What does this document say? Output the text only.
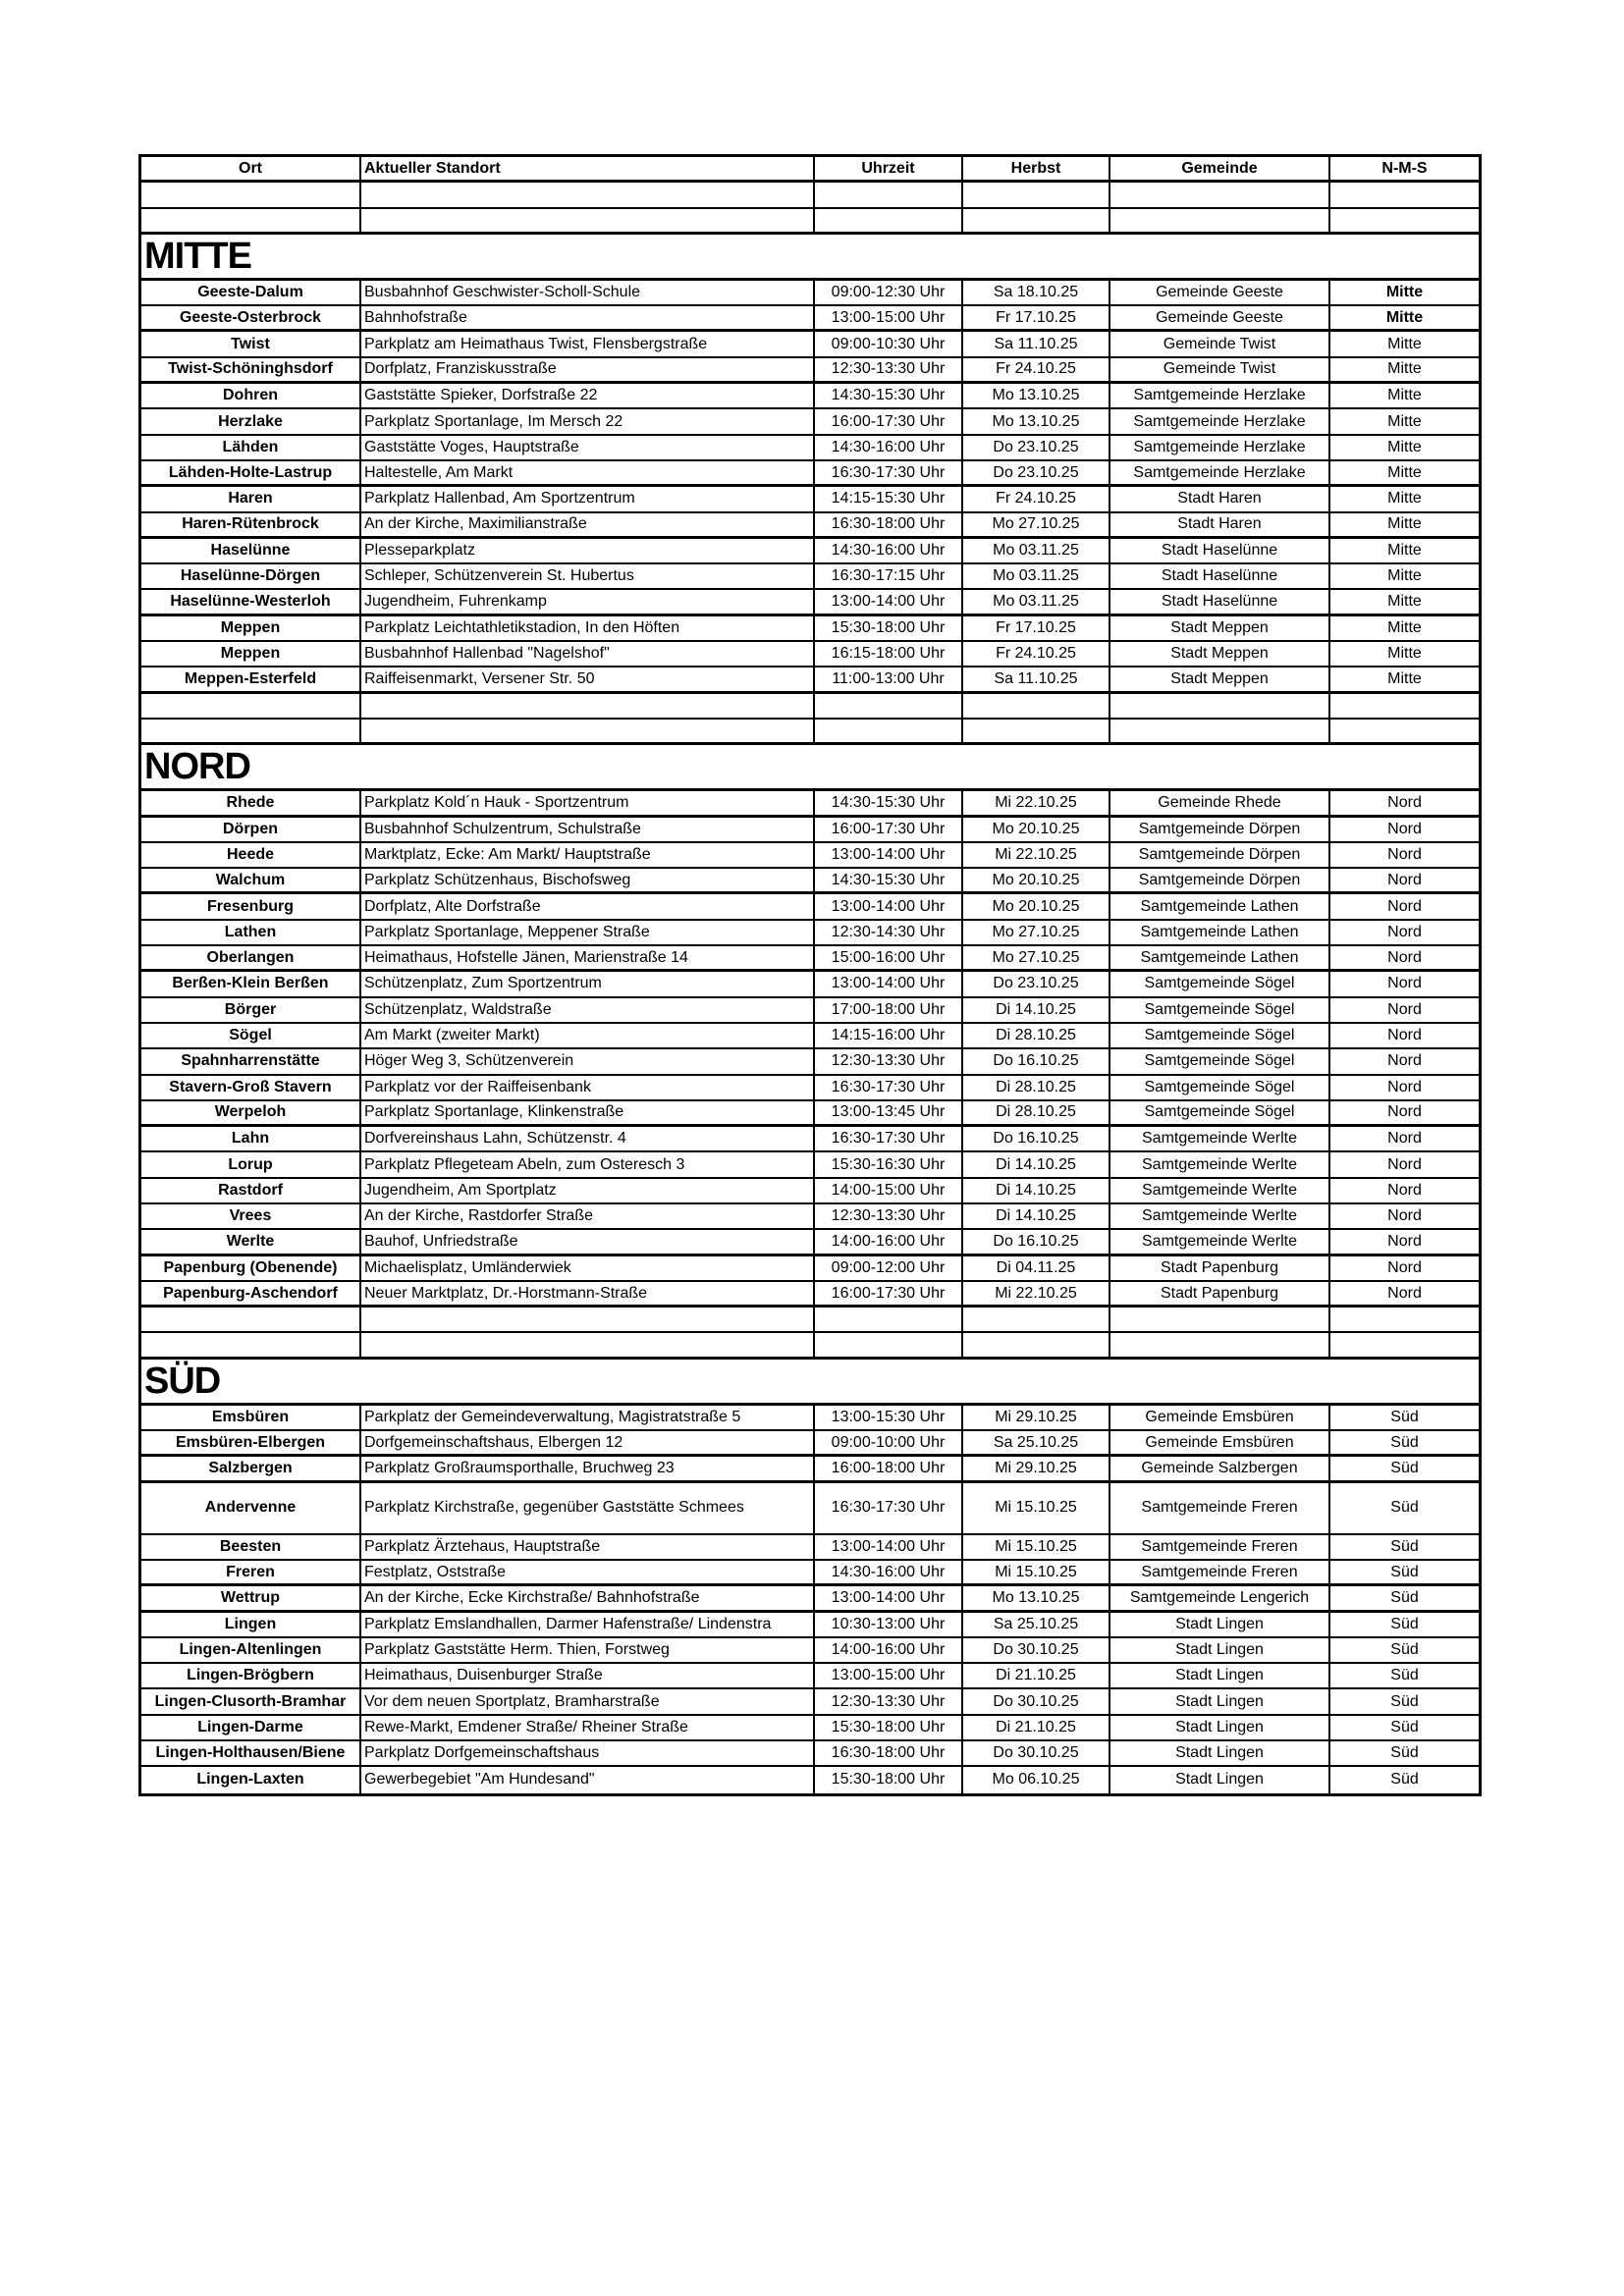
Ort	Aktueller Standort	Uhrzeit	Herbst	Gemeinde	N-M-S
MITTE
Geeste-Dalum	Busbahnhof Geschwister-Scholl-Schule	09:00-12:30 Uhr	Sa 18.10.25	Gemeinde Geeste	Mitte
Geeste-Osterbrock	Bahnhofstraße	13:00-15:00 Uhr	Fr 17.10.25	Gemeinde Geeste	Mitte
Twist	Parkplatz am Heimathaus Twist, Flensbergstraße	09:00-10:30 Uhr	Sa 11.10.25	Gemeinde Twist	Mitte
Twist-Schöninghsdorf	Dorfplatz, Franziskusstraße	12:30-13:30 Uhr	Fr 24.10.25	Gemeinde Twist	Mitte
Dohren	Gaststätte Spieker, Dorfstraße 22	14:30-15:30 Uhr	Mo 13.10.25	Samtgemeinde Herzlake	Mitte
Herzlake	Parkplatz Sportanlage, Im Mersch 22	16:00-17:30 Uhr	Mo 13.10.25	Samtgemeinde Herzlake	Mitte
Lähden	Gaststätte Voges, Hauptstraße	14:30-16:00 Uhr	Do 23.10.25	Samtgemeinde Herzlake	Mitte
Lähden-Holte-Lastrup	Haltestelle, Am Markt	16:30-17:30 Uhr	Do 23.10.25	Samtgemeinde Herzlake	Mitte
Haren	Parkplatz Hallenbad, Am Sportzentrum	14:15-15:30 Uhr	Fr 24.10.25	Stadt Haren	Mitte
Haren-Rütenbrock	An der Kirche, Maximilianstraße	16:30-18:00 Uhr	Mo 27.10.25	Stadt Haren	Mitte
Haselünne	Plesseparkplatz	14:30-16:00 Uhr	Mo 03.11.25	Stadt Haselünne	Mitte
Haselünne-Dörgen	Schleper, Schützenverein St. Hubertus	16:30-17:15 Uhr	Mo 03.11.25	Stadt Haselünne	Mitte
Haselünne-Westerloh	Jugendheim, Fuhrenkamp	13:00-14:00 Uhr	Mo 03.11.25	Stadt Haselünne	Mitte
Meppen	Parkplatz Leichtathletikstadion, In den Höften	15:30-18:00 Uhr	Fr 17.10.25	Stadt Meppen	Mitte
Meppen	Busbahnhof Hallenbad "Nagelshof"	16:15-18:00 Uhr	Fr 24.10.25	Stadt Meppen	Mitte
Meppen-Esterfeld	Raiffeisenmarkt, Versener Str. 50	11:00-13:00 Uhr	Sa 11.10.25	Stadt Meppen	Mitte
NORD
Rhede	Parkplatz Kold´n Hauk - Sportzentrum	14:30-15:30 Uhr	Mi 22.10.25	Gemeinde Rhede	Nord
Dörpen	Busbahnhof Schulzentrum, Schulstraße	16:00-17:30 Uhr	Mo 20.10.25	Samtgemeinde Dörpen	Nord
Heede	Marktplatz, Ecke: Am Markt/ Hauptstraße	13:00-14:00 Uhr	Mi 22.10.25	Samtgemeinde Dörpen	Nord
Walchum	Parkplatz Schützenhaus, Bischofsweg	14:30-15:30 Uhr	Mo 20.10.25	Samtgemeinde Dörpen	Nord
Fresenburg	Dorfplatz, Alte Dorfstraße	13:00-14:00 Uhr	Mo 20.10.25	Samtgemeinde Lathen	Nord
Lathen	Parkplatz Sportanlage, Meppener Straße	12:30-14:30 Uhr	Mo 27.10.25	Samtgemeinde Lathen	Nord
Oberlangen	Heimathaus, Hofstelle Jänen, Marienstraße 14	15:00-16:00 Uhr	Mo 27.10.25	Samtgemeinde Lathen	Nord
Berßen-Klein Berßen	Schützenplatz, Zum Sportzentrum	13:00-14:00 Uhr	Do 23.10.25	Samtgemeinde Sögel	Nord
Börger	Schützenplatz, Waldstraße	17:00-18:00 Uhr	Di 14.10.25	Samtgemeinde Sögel	Nord
Sögel	Am Markt (zweiter Markt)	14:15-16:00 Uhr	Di 28.10.25	Samtgemeinde Sögel	Nord
Spahnharrenstätte	Höger Weg 3, Schützenverein	12:30-13:30 Uhr	Do 16.10.25	Samtgemeinde Sögel	Nord
Stavern-Groß Stavern	Parkplatz vor der Raiffeisenbank	16:30-17:30 Uhr	Di 28.10.25	Samtgemeinde Sögel	Nord
Werpeloh	Parkplatz Sportanlage, Klinkenstraße	13:00-13:45 Uhr	Di 28.10.25	Samtgemeinde Sögel	Nord
Lahn	Dorfvereinshaus Lahn, Schützenstr. 4	16:30-17:30 Uhr	Do 16.10.25	Samtgemeinde Werlte	Nord
Lorup	Parkplatz Pflegeteam Abeln, zum Osteresch 3	15:30-16:30 Uhr	Di 14.10.25	Samtgemeinde Werlte	Nord
Rastdorf	Jugendheim, Am Sportplatz	14:00-15:00 Uhr	Di 14.10.25	Samtgemeinde Werlte	Nord
Vrees	An der Kirche, Rastdorfer Straße	12:30-13:30 Uhr	Di 14.10.25	Samtgemeinde Werlte	Nord
Werlte	Bauhof, Unfriedstraße	14:00-16:00 Uhr	Do 16.10.25	Samtgemeinde Werlte	Nord
Papenburg (Obenende)	Michaelisplatz, Umländerwiek	09:00-12:00 Uhr	Di 04.11.25	Stadt Papenburg	Nord
Papenburg-Aschendorf	Neuer Marktplatz, Dr.-Horstmann-Straße	16:00-17:30 Uhr	Mi 22.10.25	Stadt Papenburg	Nord
SÜD
Emsbüren	Parkplatz der Gemeindeverwaltung, Magistratstraße 5	13:00-15:30 Uhr	Mi 29.10.25	Gemeinde Emsbüren	Süd
Emsbüren-Elbergen	Dorfgemeinschaftshaus, Elbergen 12	09:00-10:00 Uhr	Sa 25.10.25	Gemeinde Emsbüren	Süd
Salzbergen	Parkplatz Großraumsporthalle, Bruchweg 23	16:00-18:00 Uhr	Mi 29.10.25	Gemeinde Salzbergen	Süd
Andervenne	Parkplatz Kirchstraße, gegenüber Gaststätte Schmees	16:30-17:30 Uhr	Mi 15.10.25	Samtgemeinde Freren	Süd
Beesten	Parkplatz Ärztehaus, Hauptstraße	13:00-14:00 Uhr	Mi 15.10.25	Samtgemeinde Freren	Süd
Freren	Festplatz, Oststraße	14:30-16:00 Uhr	Mi 15.10.25	Samtgemeinde Freren	Süd
Wettrup	An der Kirche, Ecke Kirchstraße/ Bahnhofstraße	13:00-14:00 Uhr	Mo 13.10.25	Samtgemeinde Lengerich	Süd
Lingen	Parkplatz Emslandhallen, Darmer Hafenstraße/ Lindenstra	10:30-13:00 Uhr	Sa 25.10.25	Stadt Lingen	Süd
Lingen-Altenlingen	Parkplatz Gaststätte Herm. Thien, Forstweg	14:00-16:00 Uhr	Do 30.10.25	Stadt Lingen	Süd
Lingen-Brögbern	Heimathaus, Duisenburger Straße	13:00-15:00 Uhr	Di 21.10.25	Stadt Lingen	Süd
Lingen-Clusorth-Bramhar	Vor dem neuen Sportplatz, Bramharstraße	12:30-13:30 Uhr	Do 30.10.25	Stadt Lingen	Süd
Lingen-Darme	Rewe-Markt, Emdener Straße/ Rheiner Straße	15:30-18:00 Uhr	Di 21.10.25	Stadt Lingen	Süd
Lingen-Holthausen/Biene	Parkplatz Dorfgemeinschaftshaus	16:30-18:00 Uhr	Do 30.10.25	Stadt Lingen	Süd
Lingen-Laxten	Gewerbegebiet "Am Hundesand"	15:30-18:00 Uhr	Mo 06.10.25	Stadt Lingen	Süd
